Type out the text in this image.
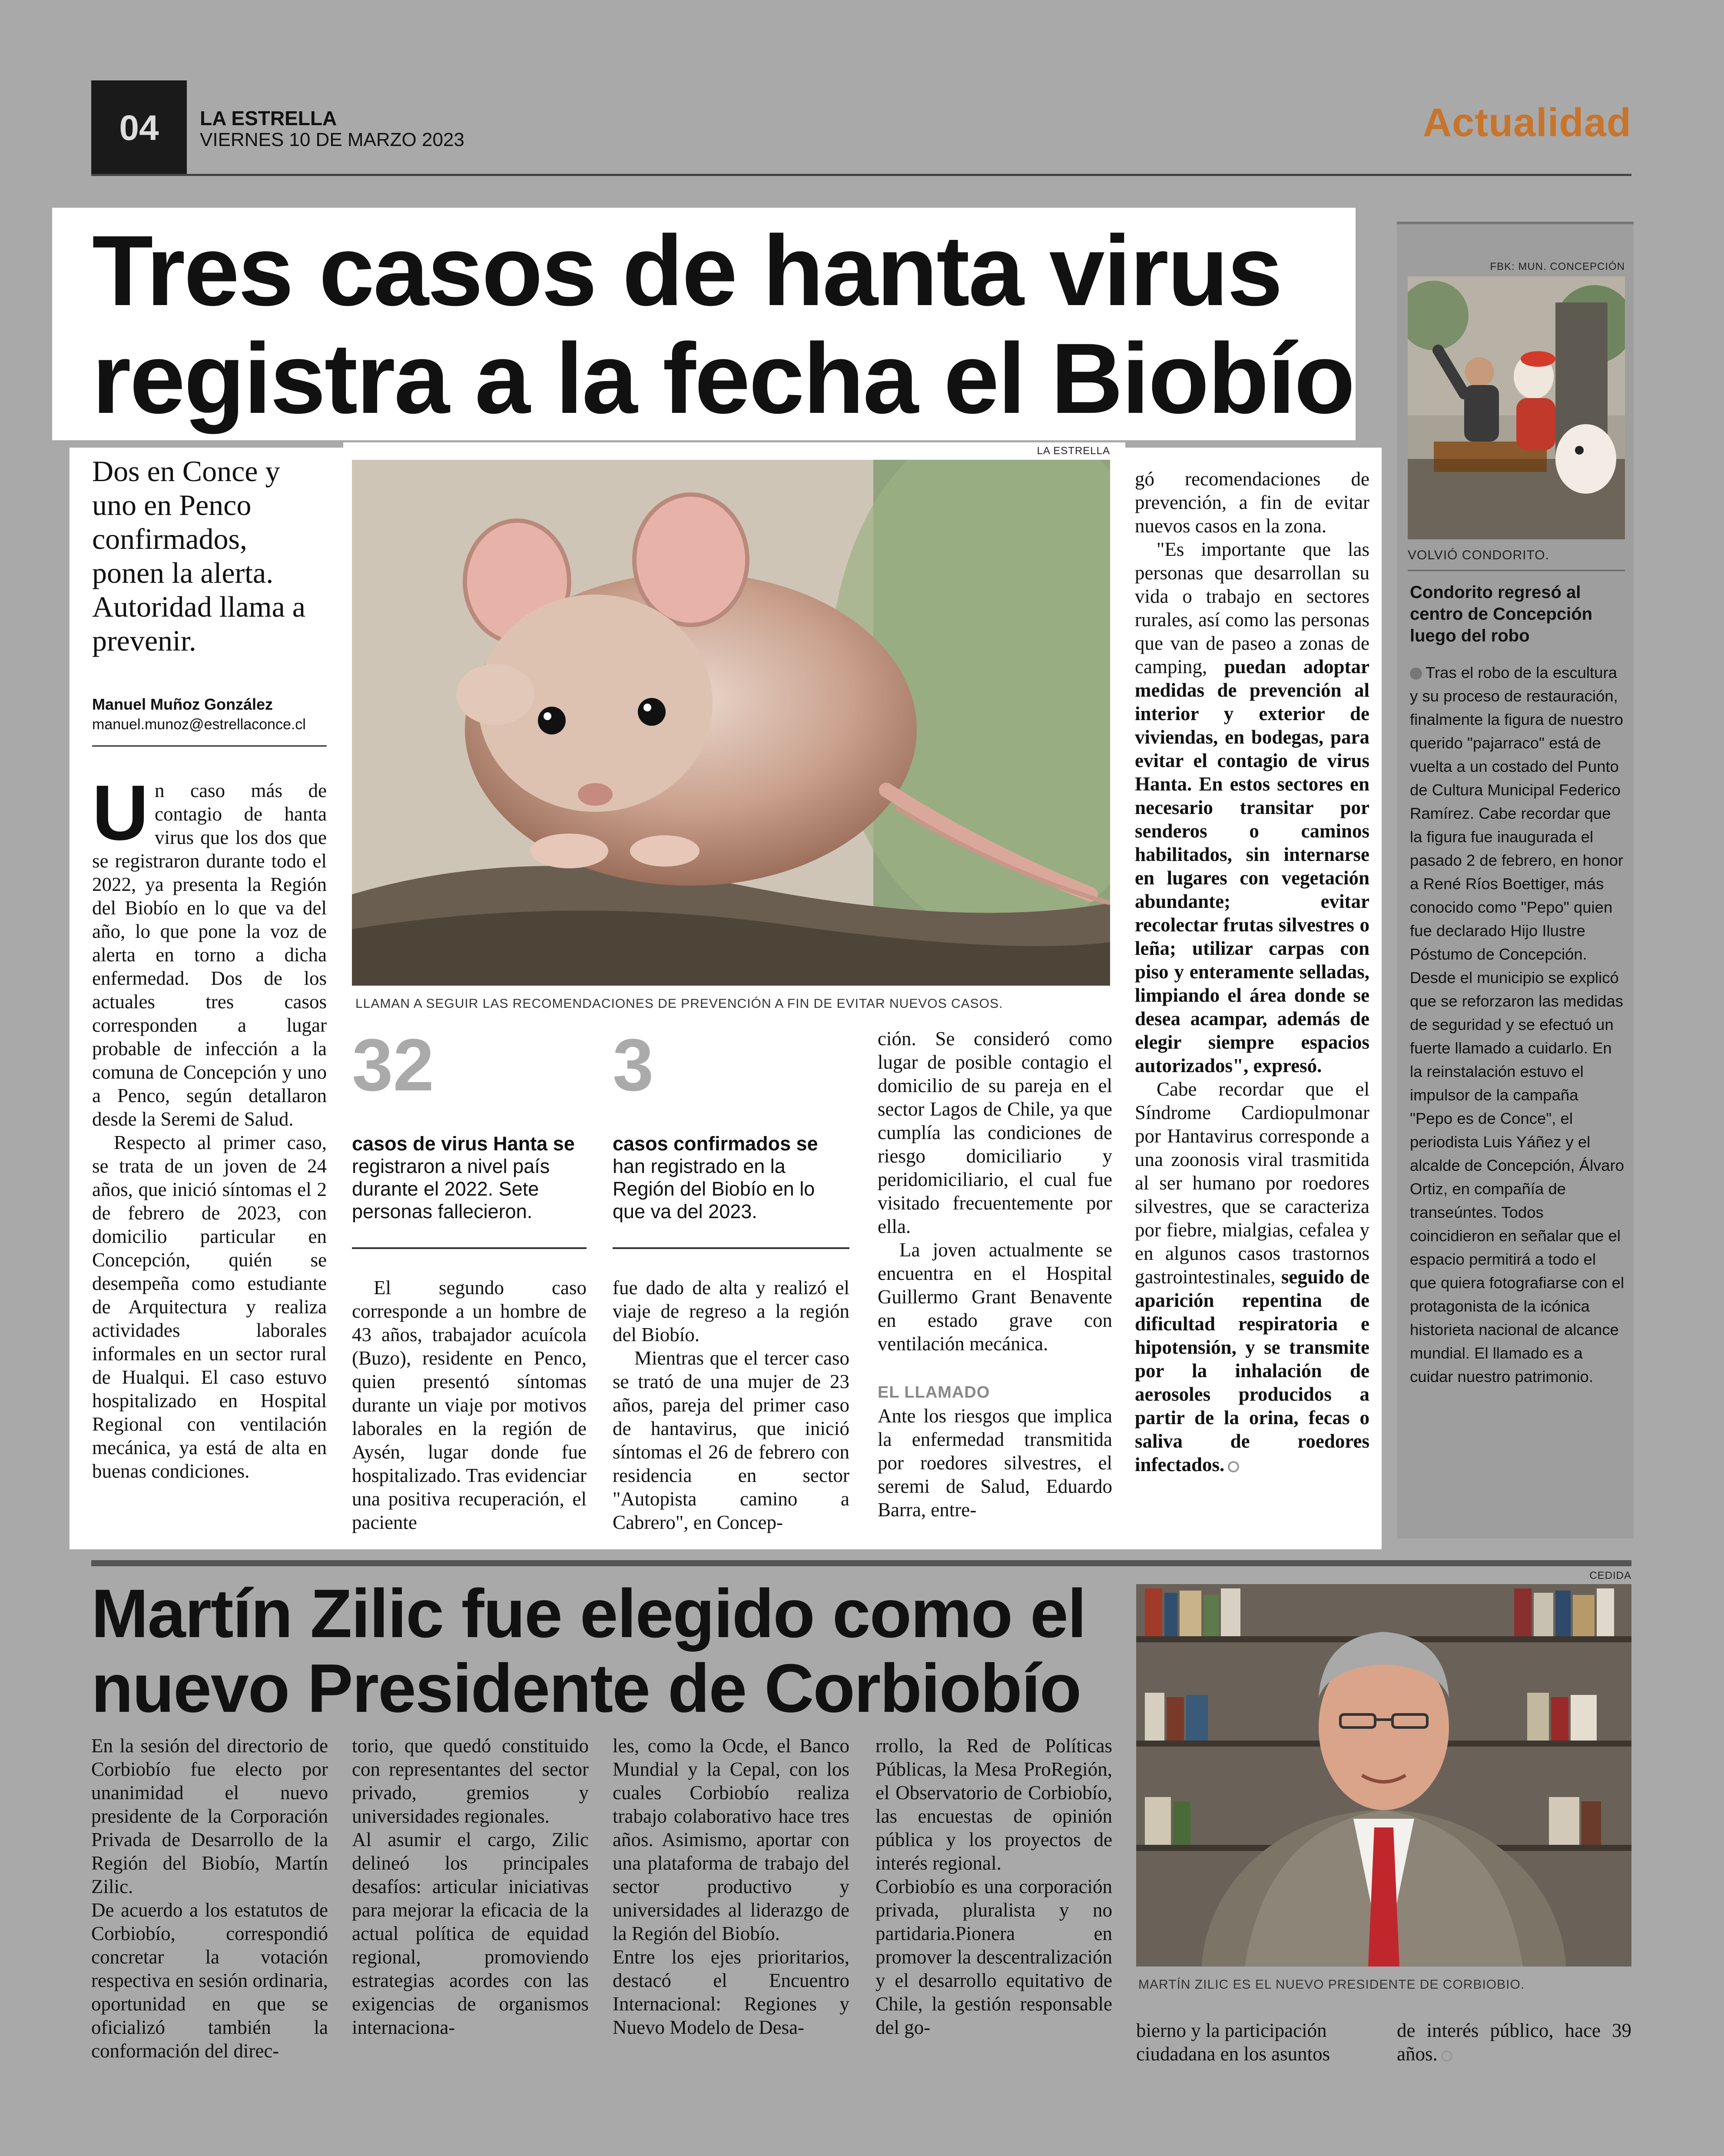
04 LA ESTRELLA
VIERNES 10 DE MARZO 2023	Actualidad
Tres casos de hanta virus
registra a la fecha el Biobío
Dos en Conce y uno en Penco confirmados, ponen la alerta. Autoridad llama a prevenir.
Manuel Muñoz González
manuel.munoz@estrellaconce.cl

Un caso más de contagio de hanta virus que los dos que se registraron durante todo el 2022, ya presenta la Región del Biobío en lo que va del año, lo que pone la voz de alerta en torno a dicha enfermedad. Dos de los actuales tres casos corresponden a lugar probable de infección a la comuna de Concepción y uno a Penco, según detallaron desde la Seremi de Salud.

Respecto al primer caso, se trata de un joven de 24 años, que inició síntomas el 2 de febrero de 2023, con domicilio particular en Concepción, quién se desempeña como estudiante de Arquitectura y realiza actividades laborales informales en un sector rural de Hualqui. El caso estuvo hospitalizado en Hospital Regional con ventilación mecánica, ya está de alta en buenas condiciones.

LA ESTRELLA
LLAMAN A SEGUIR LAS RECOMENDACIONES DE PREVENCIÓN A FIN DE EVITAR NUEVOS CASOS.
32
casos de virus Hanta se registraron a nivel país durante el 2022. Sete personas fallecieron.
3
casos confirmados se han registrado en la Región del Biobío en lo que va del 2023.

El segundo caso corresponde a un hombre de 43 años, trabajador acuícola (Buzo), residente en Penco, quien presentó síntomas durante un viaje por motivos laborales en la región de Aysén, lugar donde fue hospitalizado. Tras evidenciar una positiva recuperación, el paciente

fue dado de alta y realizó el viaje de regreso a la región del Biobío.

Mientras que el tercer caso se trató de una mujer de 23 años, pareja del primer caso de hantavirus, que inició síntomas el 26 de febrero con residencia en sector "Autopista camino a Cabrero", en Concep-

ción. Se consideró como lugar de posible contagio el domicilio de su pareja en el sector Lagos de Chile, ya que cumplía las condiciones de riesgo domiciliario y peridomiciliario, el cual fue visitado frecuentemente por ella.

La joven actualmente se encuentra en el Hospital Guillermo Grant Benavente en estado grave con ventilación mecánica.

EL LLAMADO

Ante los riesgos que implica la enfermedad transmitida por roedores silvestres, el seremi de Salud, Eduardo Barra, entre-

gó recomendaciones de prevención, a fin de evitar nuevos casos en la zona.

"Es importante que las personas que desarrollan su vida o trabajo en sectores rurales, así como las personas que van de paseo a zonas de camping, puedan adoptar medidas de prevención al interior y exterior de viviendas, en bodegas, para evitar el contagio de virus Hanta. En estos sectores en necesario transitar por senderos o caminos habilitados, sin internarse en lugares con vegetación abundante; evitar recolectar frutas silvestres o leña; utilizar carpas con piso y enteramente selladas, limpiando el área donde se desea acampar, además de elegir siempre espacios autorizados", expresó.

Cabe recordar que el Síndrome Cardiopulmonar por Hantavirus corresponde a una zoonosis viral trasmitida al ser humano por roedores silvestres, que se caracteriza por fiebre, mialgias, cefalea y en algunos casos trastornos gastrointestinales, seguido de aparición repentina de dificultad respiratoria e hipotensión, y se transmite por la inhalación de aerosoles producidos a partir de la orina, fecas o saliva de roedores infectados.

FBK: MUN. CONCEPCIÓN
VOLVIÓ CONDORITO.
Condorito regresó al centro de Concepción luego del robo
Tras el robo de la escultura y su proceso de restauración, finalmente la figura de nuestro querido "pajarraco" está de vuelta a un costado del Punto de Cultura Municipal Federico Ramírez. Cabe recordar que la figura fue inaugurada el pasado 2 de febrero, en honor a René Ríos Boettiger, más conocido como "Pepo" quien fue declarado Hijo Ilustre Póstumo de Concepción. Desde el municipio se explicó que se reforzaron las medidas de seguridad y se efectuó un fuerte llamado a cuidarlo. En la reinstalación estuvo el impulsor de la campaña "Pepo es de Conce", el periodista Luis Yáñez y el alcalde de Concepción, Álvaro Ortiz, en compañía de transeúntes. Todos coincidieron en señalar que el espacio permitirá a todo el que quiera fotografiarse con el protagonista de la icónica historieta nacional de alcance mundial. El llamado es a cuidar nuestro patrimonio.
Martín Zilic fue elegido como el
nuevo Presidente de Corbiobío
CEDIDA
MARTÍN ZILIC ES EL NUEVO PRESIDENTE DE CORBIOBIO.

En la sesión del directorio de Corbiobío fue electo por unanimidad el nuevo presidente de la Corporación Privada de Desarrollo de la Región del Biobío, Martín Zilic.

De acuerdo a los estatutos de Corbiobío, correspondió concretar la votación respectiva en sesión ordinaria, oportunidad en que se oficializó también la conformación del direc-

torio, que quedó constituido con representantes del sector privado, gremios y universidades regionales.

Al asumir el cargo, Zilic delineó los principales desafíos: articular iniciativas para mejorar la eficacia de la actual política de equidad regional, promoviendo estrategias acordes con las exigencias de organismos internaciona-

les, como la Ocde, el Banco Mundial y la Cepal, con los cuales Corbiobío realiza trabajo colaborativo hace tres años. Asimismo, aportar con una plataforma de trabajo del sector productivo y universidades al liderazgo de la Región del Biobío.

Entre los ejes prioritarios, destacó el Encuentro Internacional: Regiones y Nuevo Modelo de Desa-

rrollo, la Red de Políticas Públicas, la Mesa ProRegión, el Observatorio de Corbiobío, las encuestas de opinión pública y los proyectos de interés regional.

Corbiobío es una corporación privada, pluralista y no partidaria.Pionera en promover la descentralización y el desarrollo equitativo de Chile, la gestión responsable del go-	bierno y la participación ciudadana en los asuntos

de interés público, hace 39 años.
